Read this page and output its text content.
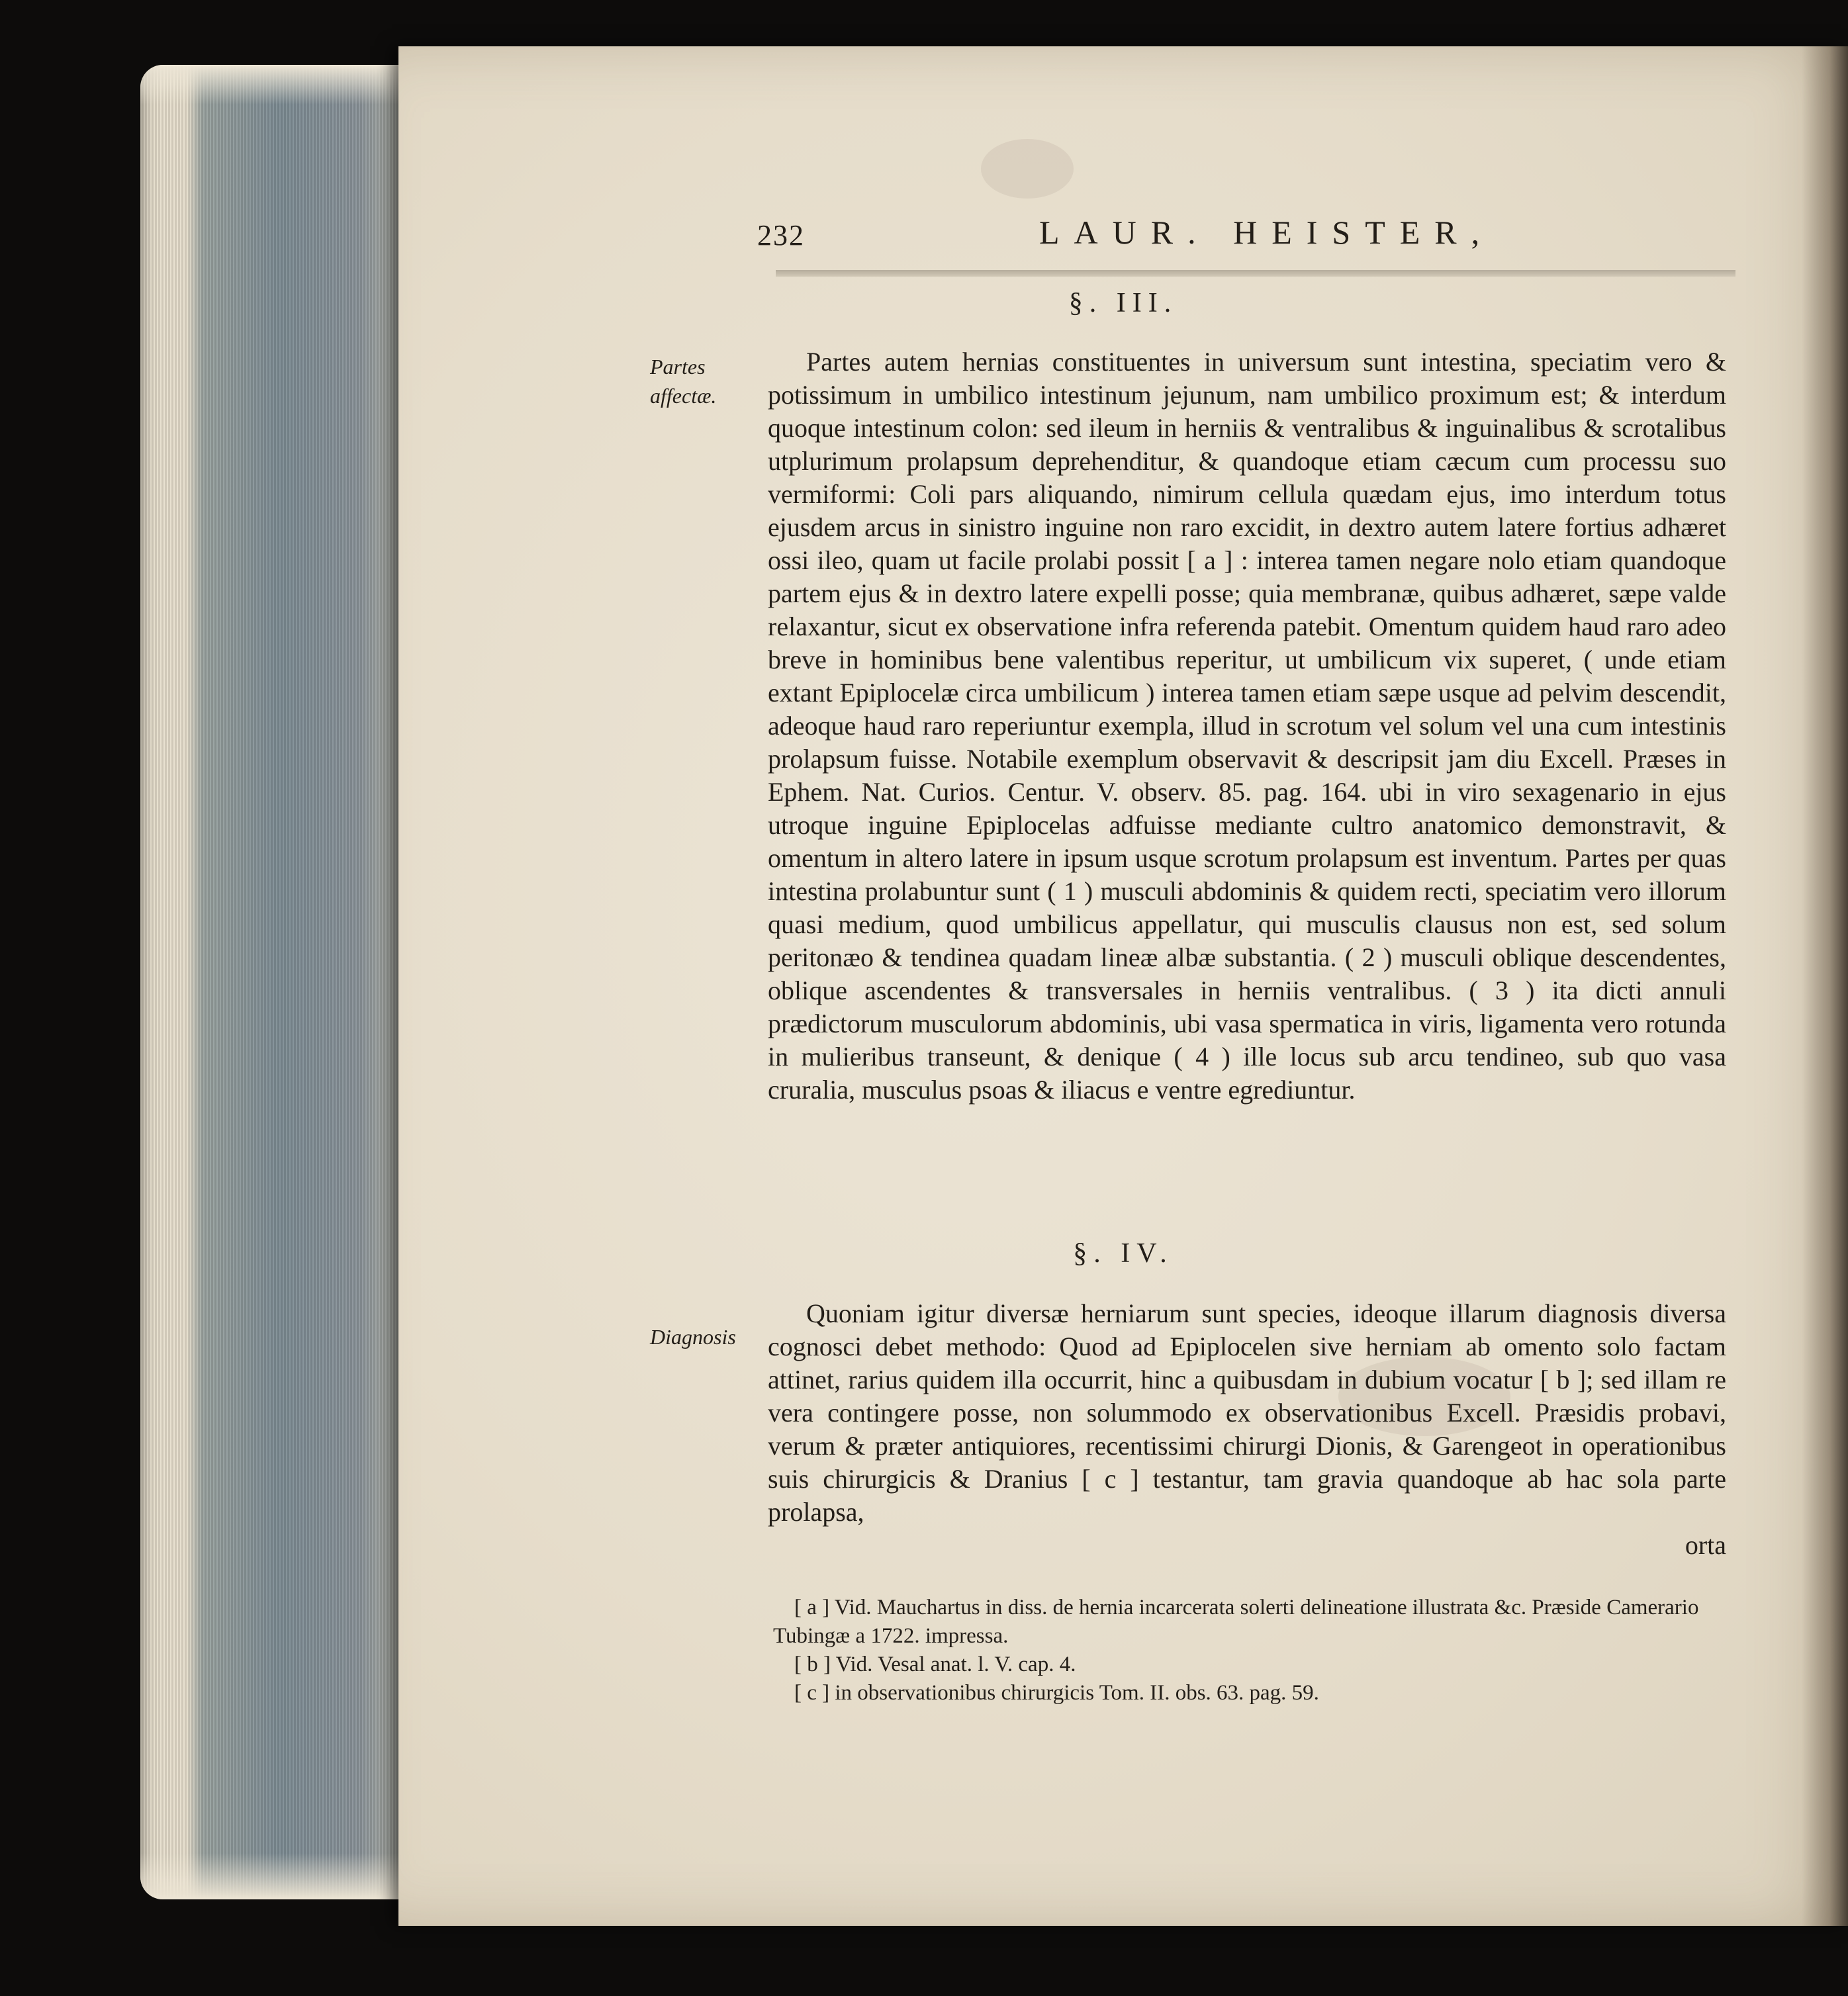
232	LAUR. HEISTER,
§. III.
Partes
affectæ.

Partes autem hernias constituentes in universum sunt intestina, speciatim vero & potissimum in umbilico intestinum jejunum, nam umbilico proximum est; & interdum quoque intestinum colon: sed ileum in herniis & ventralibus & inguinalibus & scrotalibus utplurimum prolapsum deprehenditur, & quandoque etiam cæcum cum processu suo vermiformi: Coli pars aliquando, nimirum cellula quædam ejus, imo interdum totus ejusdem arcus in sinistro inguine non raro excidit, in dextro autem latere fortius adhæret ossi ileo, quam ut facile prolabi possit [ a ] : interea tamen negare nolo etiam quandoque partem ejus & in dextro latere expelli posse; quia membranæ, quibus adhæret, sæpe valde relaxantur, sicut ex observatione infra referenda patebit. Omentum quidem haud raro adeo breve in hominibus bene valentibus reperitur, ut umbilicum vix superet, ( unde etiam extant Epiplocelæ circa umbilicum ) interea tamen etiam sæpe usque ad pelvim descendit, adeoque haud raro reperiuntur exempla, illud in scrotum vel solum vel una cum intestinis prolapsum fuisse. Notabile exemplum observavit & descripsit jam diu Excell. Præses in Ephem. Nat. Curios. Centur. V. observ. 85. pag. 164. ubi in viro sexagenario in ejus utroque inguine Epiplocelas adfuisse mediante cultro anatomico demonstravit, & omentum in altero latere in ipsum usque scrotum prolapsum est inventum. Partes per quas intestina prolabuntur sunt ( 1 ) musculi abdominis & quidem recti, speciatim vero illorum quasi medium, quod umbilicus appellatur, qui musculis clausus non est, sed solum peritonæo & tendinea quadam lineæ albæ substantia. ( 2 ) musculi oblique descendentes, oblique ascendentes & transversales in herniis ventralibus. ( 3 ) ita dicti annuli prædictorum musculorum abdominis, ubi vasa spermatica in viris, ligamenta vero rotunda in mulieribus transeunt, & denique ( 4 ) ille locus sub arcu tendineo, sub quo vasa cruralia, musculus psoas & iliacus e ventre egrediuntur.

§. IV.
Diagnosis

Quoniam igitur diversæ herniarum sunt species, ideoque illarum diagnosis diversa cognosci debet methodo: Quod ad Epiplocelen sive herniam ab omento solo factam attinet, rarius quidem illa occurrit, hinc a quibusdam in dubium vocatur [ b ]; sed illam re vera contingere posse, non solummodo ex observationibus Excell. Præsidis probavi, verum & præter antiquiores, recentissimi chirurgi Dionis, & Garengeot in operationibus suis chirurgicis & Dranius [ c ] testantur, tam gravia quandoque ab hac sola parte prolapsa,

orta
[ a ] Vid. Mauchartus in diss. de hernia incarcerata solerti delineatione illustrata &c. Præside Camerario Tubingæ a 1722. impressa.
[ b ] Vid. Vesal anat. l. V. cap. 4.
[ c ] in observationibus chirurgicis Tom. II. obs. 63. pag. 59.
